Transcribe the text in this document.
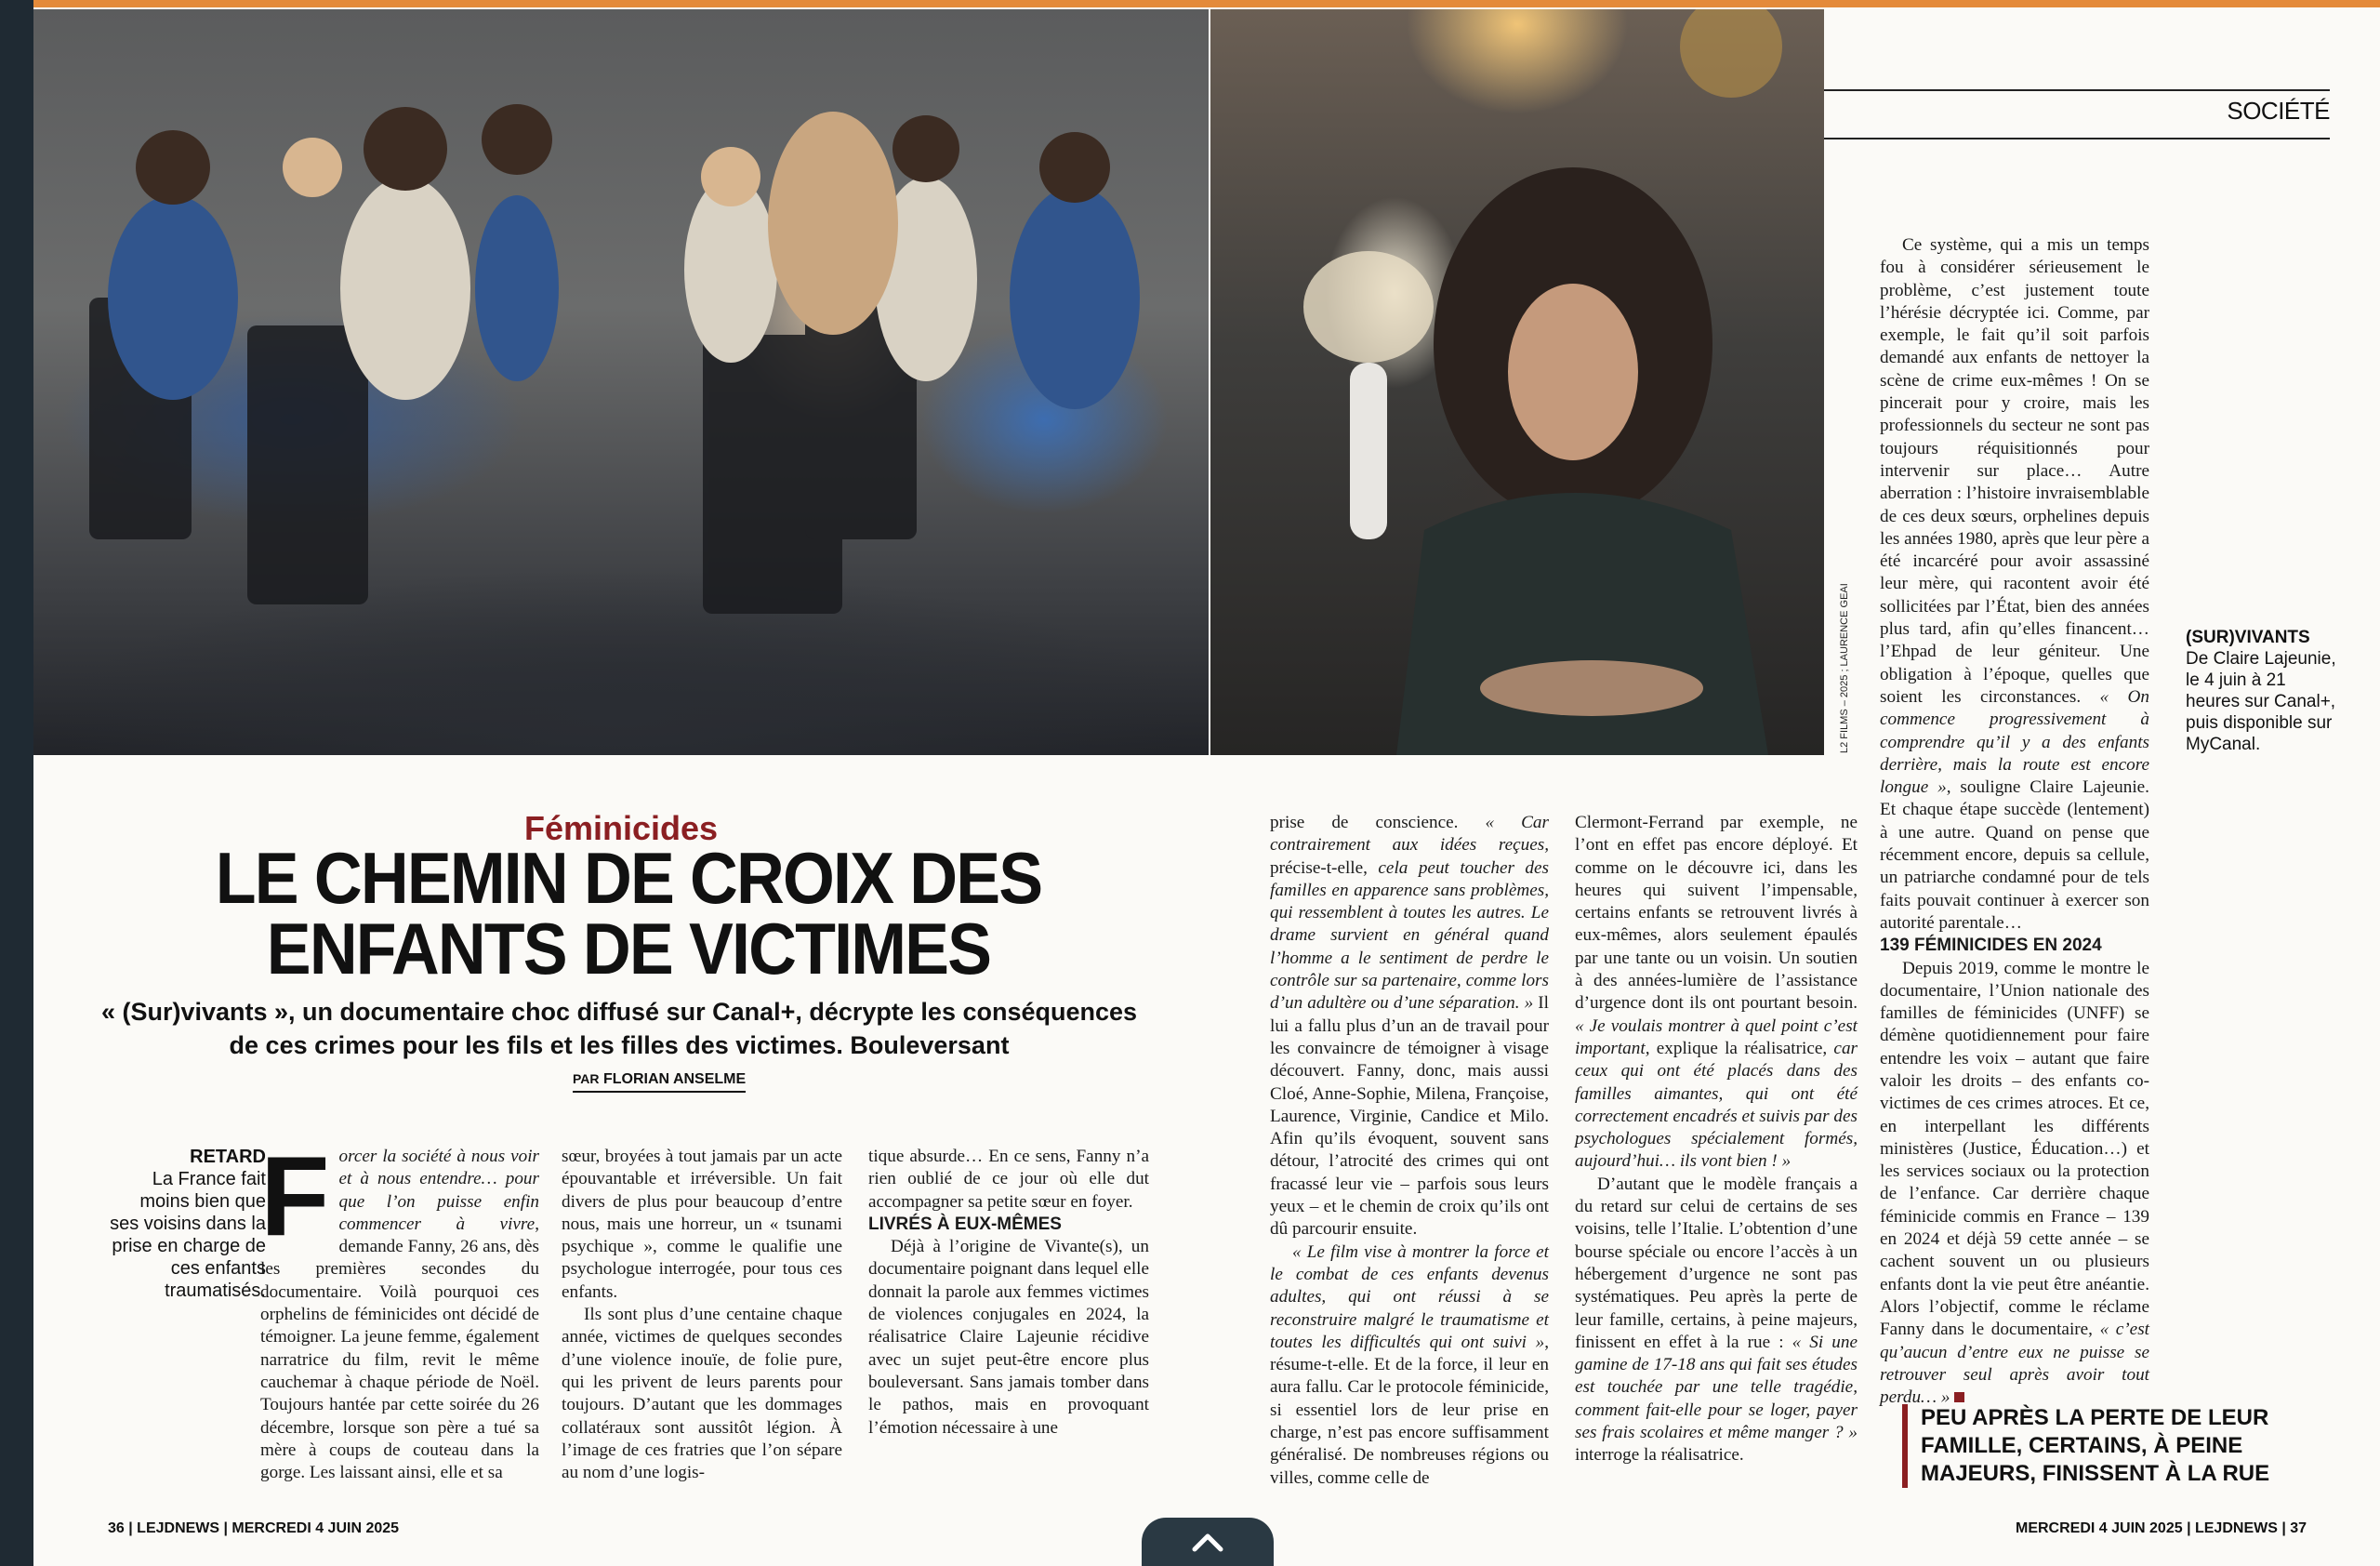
L2 FILMS – 2025 ; LAURENCE GEAI
SOCIÉTÉ
Féminicides
LE CHEMIN DE CROIX DES ENFANTS DE VICTIMES
« (Sur)vivants », un documentaire choc diffusé sur Canal+, décrypte les conséquences de ces crimes pour les fils et les filles des victimes. Bouleversant
PAR FLORIAN ANSELME
RETARD
La France fait moins bien que ses voisins dans la prise en charge de ces enfants traumatisés.

Forcer la société à nous voir et à nous entendre… pour que l’on puisse enfin commencer à vivre, demande Fanny, 26 ans, dès les premières secondes du documentaire. Voilà pourquoi ces orphelins de féminicides ont décidé de témoigner. La jeune femme, également narratrice du film, revit le même cauchemar à chaque période de Noël. Toujours hantée par cette soirée du 26 décembre, lorsque son père a tué sa mère à coups de couteau dans la gorge. Les laissant ainsi, elle et sa

sœur, broyées à tout jamais par un acte épouvantable et irréversible. Un fait divers de plus pour beaucoup d’entre nous, mais une horreur, un « tsunami psychique », comme le qualifie une psychologue interrogée, pour tous ces enfants.

Ils sont plus d’une centaine chaque année, victimes de quelques secondes d’une violence inouïe, de folie pure, qui les privent de leurs parents pour toujours. D’autant que les dommages collatéraux sont aussitôt légion. À l’image de ces fratries que l’on sépare au nom d’une logis-

tique absurde… En ce sens, Fanny n’a rien oublié de ce jour où elle dut accompagner sa petite sœur en foyer.

LIVRÉS À EUX-MÊMES

Déjà à l’origine de Vivante(s), un documentaire poignant dans lequel elle donnait la parole aux femmes victimes de violences conjugales en 2024, la réalisatrice Claire Lajeunie récidive avec un sujet peut-être encore plus bouleversant. Sans jamais tomber dans le pathos, mais en provoquant l’émotion nécessaire à une

prise de conscience. « Car contrairement aux idées reçues, précise-t-elle, cela peut toucher des familles en apparence sans problèmes, qui ressemblent à toutes les autres. Le drame survient en général quand l’homme a le sentiment de perdre le contrôle sur sa partenaire, comme lors d’un adultère ou d’une séparation. » Il lui a fallu plus d’un an de travail pour les convaincre de témoigner à visage découvert. Fanny, donc, mais aussi Cloé, Anne-Sophie, Milena, Françoise, Laurence, Virginie, Candice et Milo. Afin qu’ils évoquent, souvent sans détour, l’atrocité des crimes qui ont fracassé leur vie – parfois sous leurs yeux – et le chemin de croix qu’ils ont dû parcourir ensuite.

« Le film vise à montrer la force et le combat de ces enfants devenus adultes, qui ont réussi à se reconstruire malgré le traumatisme et toutes les difficultés qui ont suivi », résume-t-elle. Et de la force, il leur en aura fallu. Car le protocole féminicide, si essentiel lors de leur prise en charge, n’est pas encore suffisamment généralisé. De nombreuses régions ou villes, comme celle de

Clermont-Ferrand par exemple, ne l’ont en effet pas encore déployé. Et comme on le découvre ici, dans les heures qui suivent l’impensable, certains enfants se retrouvent livrés à eux-mêmes, alors seulement épaulés par une tante ou un voisin. Un soutien à des années-lumière de l’assistance d’urgence dont ils ont pourtant besoin. « Je voulais montrer à quel point c’est important, explique la réalisatrice, car ceux qui ont été placés dans des familles aimantes, qui ont été correctement encadrés et suivis par des psychologues spécialement formés, aujourd’hui… ils vont bien ! »

D’autant que le modèle français a du retard sur celui de certains de ses voisins, telle l’Italie. L’obtention d’une bourse spéciale ou encore l’accès à un hébergement d’urgence ne sont pas systématiques. Peu après la perte de leur famille, certains, à peine majeurs, finissent en effet à la rue : « Si une gamine de 17-18 ans qui fait ses études est touchée par une telle tragédie, comment fait-elle pour se loger, payer ses frais scolaires et même manger ? » interroge la réalisatrice.

Ce système, qui a mis un temps fou à considérer sérieusement le problème, c’est justement toute l’hérésie décryptée ici. Comme, par exemple, le fait qu’il soit parfois demandé aux enfants de nettoyer la scène de crime eux-mêmes ! On se pincerait pour y croire, mais les professionnels du secteur ne sont pas toujours réquisitionnés pour intervenir sur place… Autre aberration : l’histoire invraisemblable de ces deux sœurs, orphelines depuis les années 1980, après que leur père a été incarcéré pour avoir assassiné leur mère, qui racontent avoir été sollicitées par l’État, bien des années plus tard, afin qu’elles financent… l’Ehpad de leur géniteur. Une obligation à l’époque, quelles que soient les circonstances. « On commence progressivement à comprendre qu’il y a des enfants derrière, mais la route est encore longue », souligne Claire Lajeunie. Et chaque étape succède (lentement) à une autre. Quand on pense que récemment encore, depuis sa cellule, un patriarche condamné pour de tels faits pouvait continuer à exercer son autorité parentale…

139 FÉMINICIDES EN 2024

Depuis 2019, comme le montre le documentaire, l’Union nationale des familles de féminicides (UNFF) se démène quotidiennement pour faire entendre les voix – autant que faire valoir les droits – des enfants co-victimes de ces crimes atroces. Et ce, en interpellant les différents ministères (Justice, Éducation…) et les services sociaux ou la protection de l’enfance. Car derrière chaque féminicide commis en France – 139 en 2024 et déjà 59 cette année – se cachent souvent un ou plusieurs enfants dont la vie peut être anéantie. Alors l’objectif, comme le réclame Fanny dans le documentaire, « c’est qu’aucun d’entre eux ne puisse se retrouver seul après avoir tout perdu… »

(SUR)VIVANTS
De Claire Lajeunie, le 4 juin à 21 heures sur Canal+, puis disponible sur MyCanal.
PEU APRÈS LA PERTE DE LEUR FAMILLE, CERTAINS, À PEINE MAJEURS, FINISSENT À LA RUE
36 | LEJDNEWS | MERCREDI 4 JUIN 2025	MERCREDI 4 JUIN 2025 | LEJDNEWS | 37
